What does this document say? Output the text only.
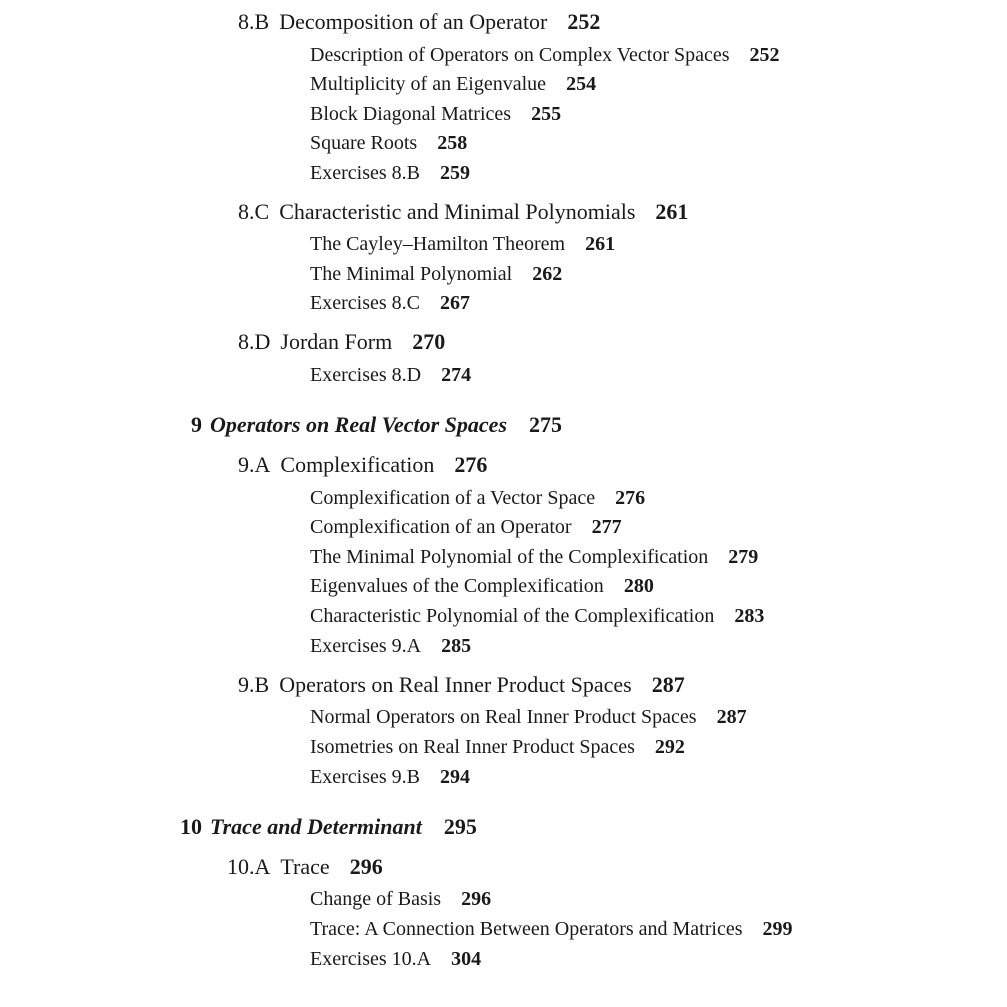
8.B Decomposition of an Operator 252
Description of Operators on Complex Vector Spaces 252
Multiplicity of an Eigenvalue 254
Block Diagonal Matrices 255
Square Roots 258
Exercises 8.B 259
8.C Characteristic and Minimal Polynomials 261
The Cayley–Hamilton Theorem 261
The Minimal Polynomial 262
Exercises 8.C 267
8.D Jordan Form 270
Exercises 8.D 274
9 Operators on Real Vector Spaces 275
9.A Complexification 276
Complexification of a Vector Space 276
Complexification of an Operator 277
The Minimal Polynomial of the Complexification 279
Eigenvalues of the Complexification 280
Characteristic Polynomial of the Complexification 283
Exercises 9.A 285
9.B Operators on Real Inner Product Spaces 287
Normal Operators on Real Inner Product Spaces 287
Isometries on Real Inner Product Spaces 292
Exercises 9.B 294
10 Trace and Determinant 295
10.A Trace 296
Change of Basis 296
Trace: A Connection Between Operators and Matrices 299
Exercises 10.A 304
